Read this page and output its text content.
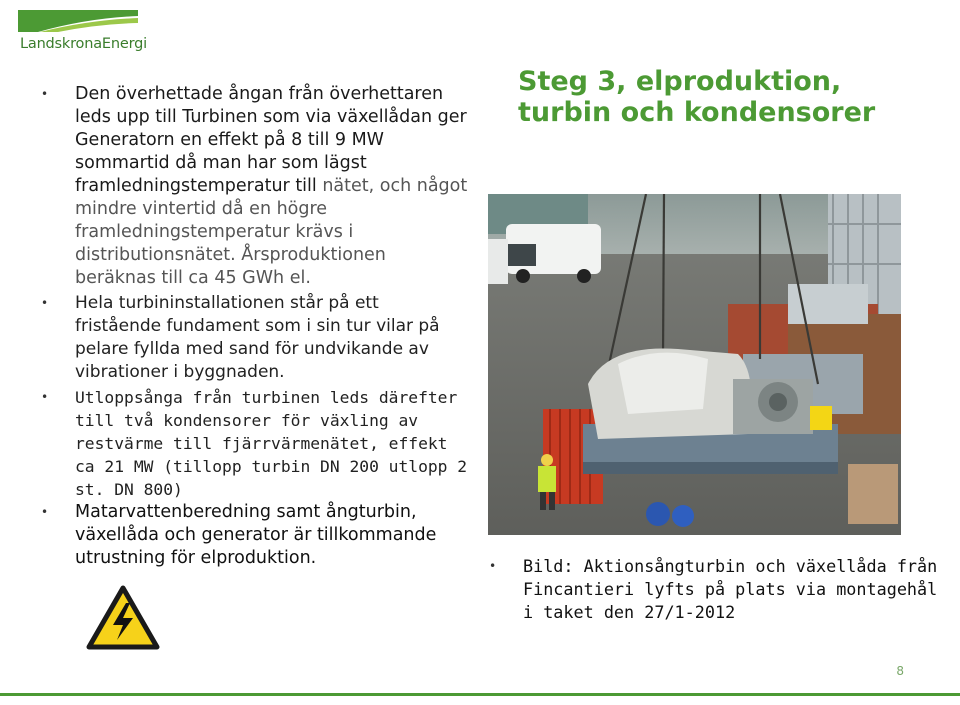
LandskronaEnergi
Steg 3, elproduktion,
turbin och kondensorer
• Den överhettade ångan från överhettaren leds upp till Turbinen som via växellådan ger Generatorn en effekt på 8 till 9 MW sommartid då man har som lägst framledningstemperatur till nätet, och något mindre vintertid då en högre framledningstemperatur krävs i distributionsnätet. Årsproduktionen beräknas till ca 45 GWh el.
• Hela turbininstallationen står på ett fristående fundament som i sin tur vilar på pelare fyllda med sand för undvikande av vibrationer i byggnaden.
• Utloppsånga från turbinen leds därefter till två kondensorer för växling av restvärme till fjärrvärmenätet, effekt ca 21 MW (tillopp turbin DN 200 utlopp 2 st. DN 800)
• Matarvattenberedning samt ångturbin, växellåda och generator är tillkommande utrustning för elproduktion.
•	Bild: Aktionsångturbin och växellåda från Fincantieri lyfts på plats via montagehål i taket den 27/1-2012
8
